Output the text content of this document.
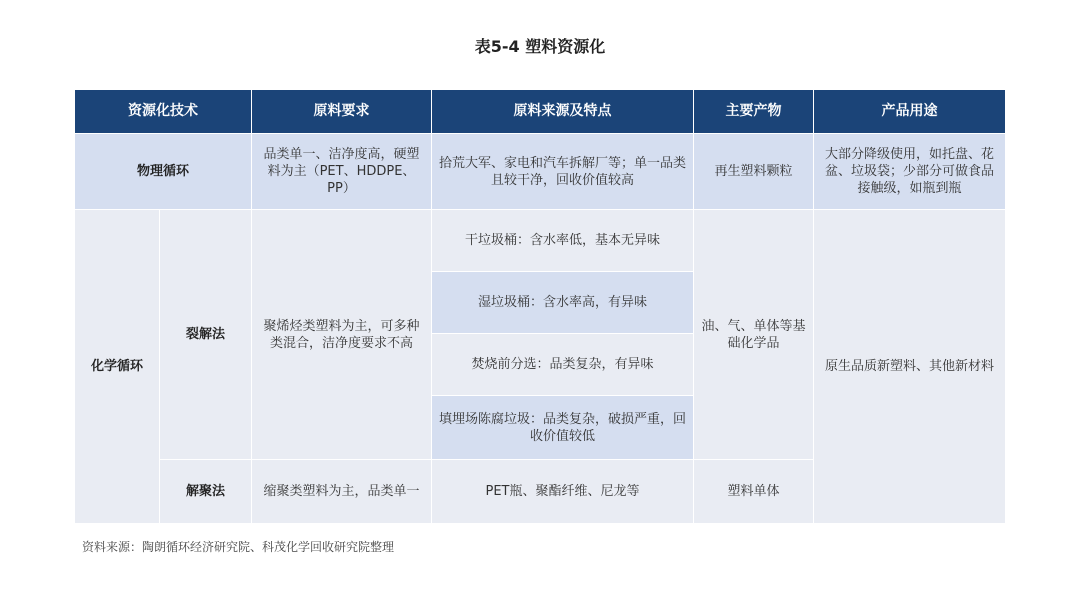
表5-4 塑料资源化
资源化技术		原料要求	原料来源及特点	主要产物	产品用途
物理循环		品类单一、洁净度高，硬塑料为主（PET、HDDPE、PP）	拾荒大军、家电和汽车拆解厂等；单一品类且较干净，回收价值较高	再生塑料颗粒	大部分降级使用，如托盘、花盆、垃圾袋；少部分可做食品接触级，如瓶到瓶
化学循环	裂解法	聚烯烃类塑料为主，可多种类混合，洁净度要求不高	干垃圾桶：含水率低，基本无异味	油、气、单体等基础化学品	原生品质新塑料、其他新材料
			湿垃圾桶：含水率高，有异味		
			焚烧前分选：品类复杂，有异味		
			填埋场陈腐垃圾：品类复杂，破损严重，回收价值较低		
	解聚法	缩聚类塑料为主，品类单一	PET瓶、聚酯纤维、尼龙等	塑料单体	
资料来源：陶朗循环经济研究院、科茂化学回收研究院整理
